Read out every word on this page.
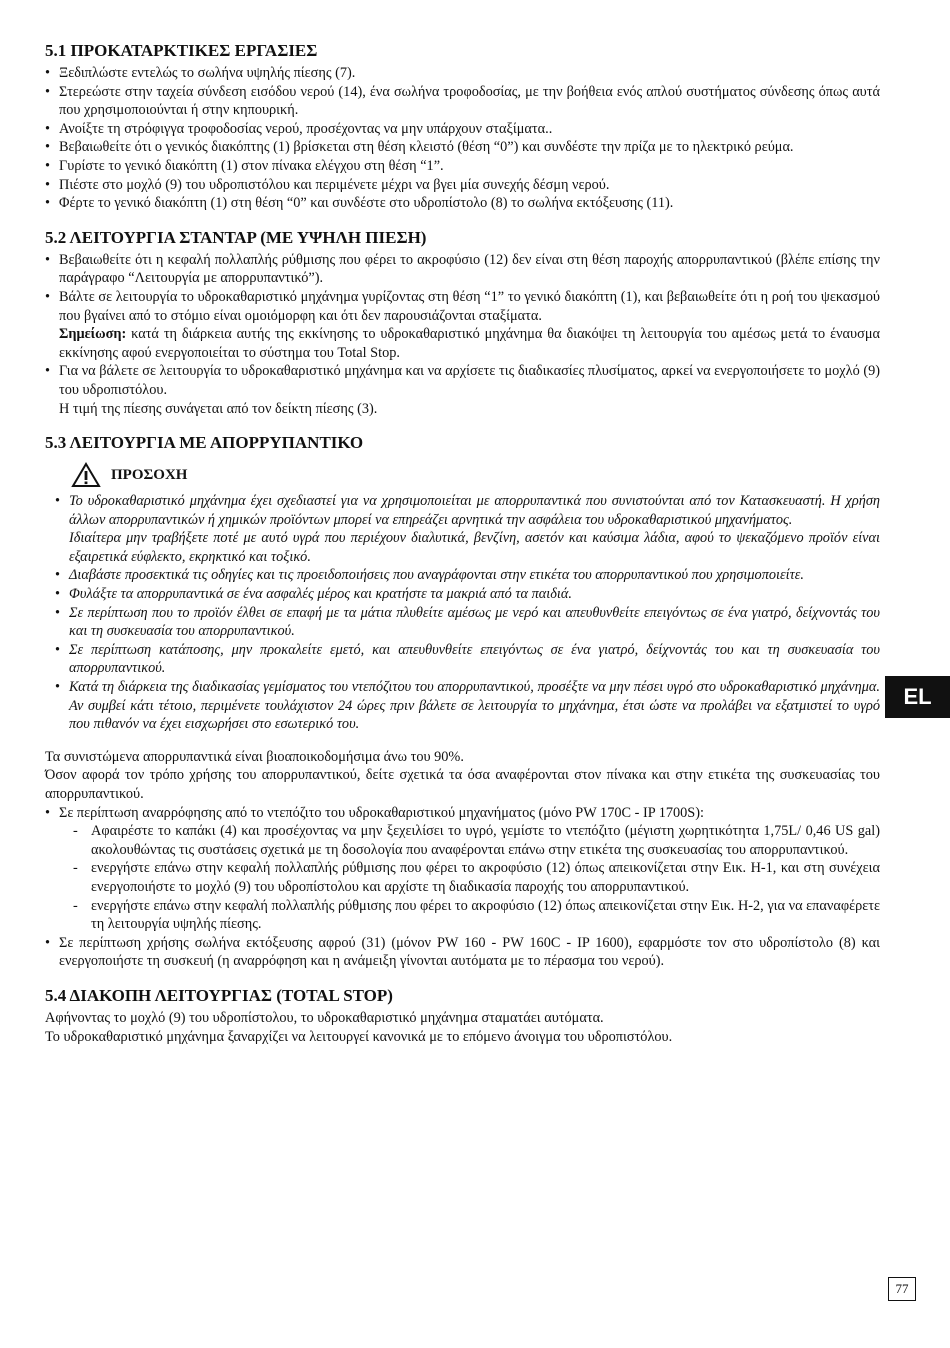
5.1 ΠΡΟΚΑΤΑΡΚΤΙΚΕΣ ΕΡΓΑΣΙΕΣ
• Ξεδιπλώστε εντελώς το σωλήνα υψηλής πίεσης (7).
• Στερεώστε στην ταχεία σύνδεση εισόδου νερού (14), ένα σωλήνα τροφοδοσίας, με την βοήθεια ενός απλού συστήματος σύνδεσης όπως αυτά που χρησιμοποιούνται ή στην κηπουρική.
• Ανοίξτε τη στρόφιγγα τροφοδοσίας νερού, προσέχοντας να μην υπάρχουν σταξίματα..
• Βεβαιωθείτε ότι ο γενικός διακόπτης (1) βρίσκεται στη θέση κλειστό (θέση “0”) και συνδέστε την πρίζα με το ηλεκτρικό ρεύμα.
• Γυρίστε το γενικό διακόπτη (1) στον πίνακα ελέγχου στη θέση “1”.
• Πιέστε στο μοχλό (9) του υδροπιστόλου και περιμένετε μέχρι να βγει μία συνεχής δέσμη νερού.
• Φέρτε το γενικό διακόπτη (1) στη θέση “0” και συνδέστε στο υδροπίστολο (8) το σωλήνα εκτόξευσης (11).
5.2 ΛΕΙΤΟΥΡΓΙΑ ΣΤΑΝΤΑΡ (ΜΕ ΥΨΗΛΗ ΠΙΕΣΗ)
• Βεβαιωθείτε ότι η κεφαλή πολλαπλής ρύθμισης που φέρει το ακροφύσιο (12) δεν είναι στη θέση παροχής απορρυπαντικού (βλέπε επίσης την παράγραφο “Λειτουργία με απορρυπαντικό”).
• Βάλτε σε λειτουργία το υδροκαθαριστικό μηχάνημα γυρίζοντας στη θέση “1” το γενικό διακόπτη (1), και βεβαιωθείτε ότι η ροή του ψεκασμού που βγαίνει από το στόμιο είναι ομοιόμορφη και ότι δεν παρουσιάζονται σταξίματα.
Σημείωση: κατά τη διάρκεια αυτής της εκκίνησης το υδροκαθαριστικό μηχάνημα θα διακόψει τη λειτουργία του αμέσως μετά το έναυσμα εκκίνησης αφού ενεργοποιείται το σύστημα του Total Stop.
• Για να βάλετε σε λειτουργία το υδροκαθαριστικό μηχάνημα και να αρχίσετε τις διαδικασίες πλυσίματος, αρκεί να ενεργοποιήσετε το μοχλό (9) του υδροπιστόλου.
Η τιμή της πίεσης συνάγεται από τον δείκτη πίεσης (3).
5.3 ΛΕΙΤΟΥΡΓΙΑ ΜΕ ΑΠΟΡΡΥΠΑΝΤΙΚΟ
ΠΡΟΣΟΧΗ
• Το υδροκαθαριστικό μηχάνημα έχει σχεδιαστεί για να χρησιμοποιείται με απορρυπαντικά που συνιστούνται από τον Κατασκευαστή. Η χρήση άλλων απορρυπαντικών ή χημικών προϊόντων μπορεί να επηρεάζει αρνητικά την ασφάλεια του υδροκαθαριστικού μηχανήματος.
Ιδιαίτερα μην τραβήξετε ποτέ με αυτό υγρά που περιέχουν διαλυτικά, βενζίνη, ασετόν και καύσιμα λάδια, αφού το ψεκαζόμενο προϊόν είναι εξαιρετικά εύφλεκτο, εκρηκτικό και τοξικό.
• Διαβάστε προσεκτικά τις οδηγίες και τις προειδοποιήσεις που αναγράφονται στην ετικέτα του απορρυπαντικού που χρησιμοποιείτε.
• Φυλάξτε τα απορρυπαντικά σε ένα ασφαλές μέρος και κρατήστε τα μακριά από τα παιδιά.
• Σε περίπτωση που το προϊόν έλθει σε επαφή με τα μάτια πλυθείτε αμέσως με νερό και απευθυνθείτε επειγόντως σε ένα γιατρό, δείχνοντάς του και τη συσκευασία του απορρυπαντικού.
• Σε περίπτωση κατάποσης, μην προκαλείτε εμετό, και απευθυνθείτε επειγόντως σε ένα γιατρό, δείχνοντάς του και τη συσκευασία του απορρυπαντικού.
• Κατά τη διάρκεια της διαδικασίας γεμίσματος του ντεπόζιτου του απορρυπαντικού, προσέξτε να μην πέσει υγρό στο υδροκαθαριστικό μηχάνημα. Αν συμβεί κάτι τέτοιο, περιμένετε τουλάχιστον 24 ώρες πριν βάλετε σε λειτουργία το μηχάνημα, έτσι ώστε να προλάβει να εξατμιστεί το υγρό που πιθανόν να έχει εισχωρήσει στο εσωτερικό του.

Τα συνιστώμενα απορρυπαντικά είναι βιοαποικοδομήσιμα άνω του 90%.

Όσον αφορά τον τρόπο χρήσης του απορρυπαντικού, δείτε σχετικά τα όσα αναφέρονται στον πίνακα και στην ετικέτα της συσκευασίας του απορρυπαντικού.

• Σε περίπτωση αναρρόφησης από το ντεπόζιτο του υδροκαθαριστικού μηχανήματος (μόνο PW 170C - IP 1700S):
- Αφαιρέστε το καπάκι (4) και προσέχοντας να μην ξεχειλίσει το υγρό, γεμίστε το ντεπόζιτο (μέγιστη χωρητικότητα 1,75L/ 0,46 US gal) ακολουθώντας τις συστάσεις σχετικά με τη δοσολογία που αναφέρονται επάνω στην ετικέτα της συσκευασίας του απορρυπαντικού.
- ενεργήστε επάνω στην κεφαλή πολλαπλής ρύθμισης που φέρει το ακροφύσιο (12) όπως απεικονίζεται στην Εικ. H-1, και στη συνέχεια ενεργοποιήστε το μοχλό (9) του υδροπίστολου και αρχίστε τη διαδικασία παροχής του απορρυπαντικού.
- ενεργήστε επάνω στην κεφαλή πολλαπλής ρύθμισης που φέρει το ακροφύσιο (12) όπως απεικονίζεται στην Εικ. H-2, για να επαναφέρετε τη λειτουργία υψηλής πίεσης.
• Σε περίπτωση χρήσης σωλήνα εκτόξευσης αφρού (31) (μόνον PW 160 - PW 160C - IP 1600), εφαρμόστε τον στο υδροπίστολο (8) και ενεργοποιήστε τη συσκευή (η αναρρόφηση και η ανάμειξη γίνονται αυτόματα με το πέρασμα του νερού).
5.4 ΔΙΑΚΟΠΗ ΛΕΙΤΟΥΡΓΙΑΣ (TOTAL STOP)

Αφήνοντας το μοχλό (9) του υδροπίστολου, το υδροκαθαριστικό μηχάνημα σταματάει αυτόματα.

Το υδροκαθαριστικό μηχάνημα ξαναρχίζει να λειτουργεί κανονικά με το επόμενο άνοιγμα του υδροπιστόλου.

EL
77
